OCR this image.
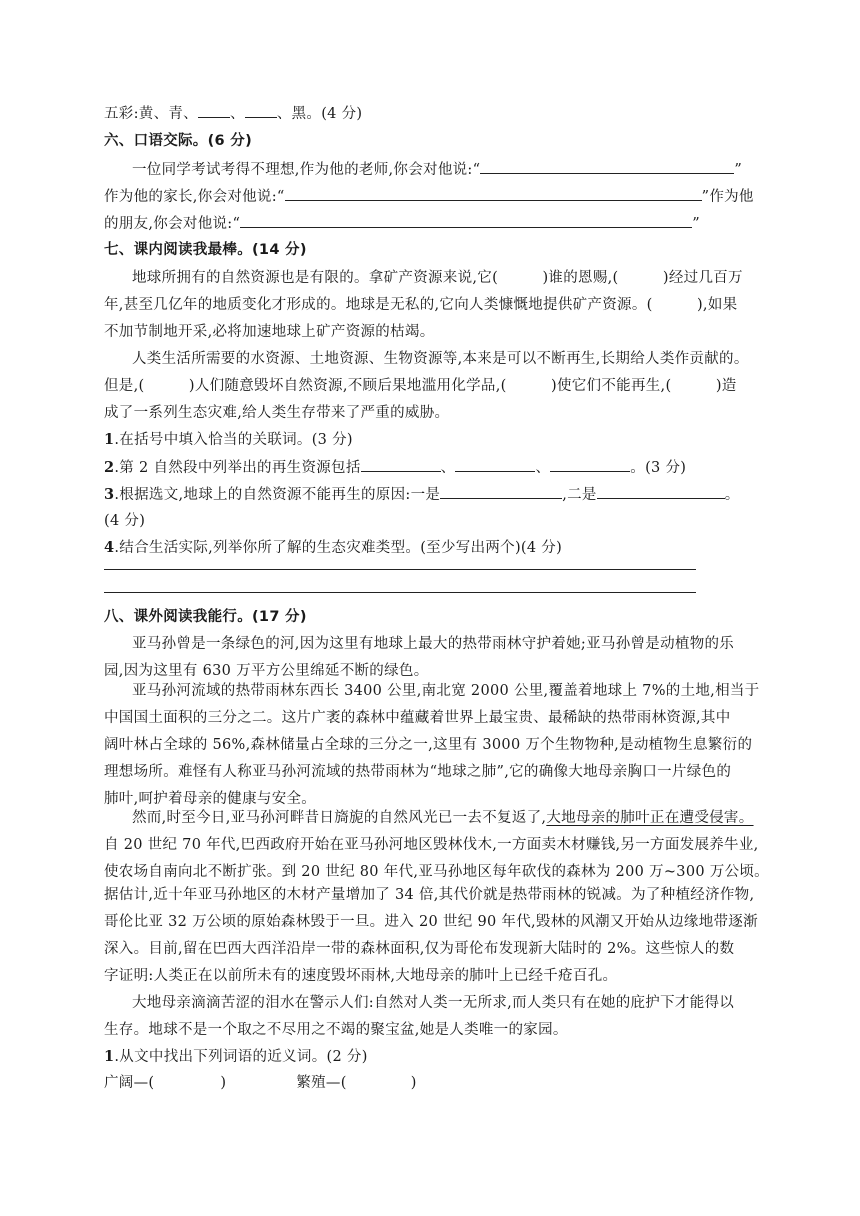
五彩:黄、青、 、 、黑。(4 分)
六、口语交际。(6 分)
一位同学考试考得不理想,作为他的老师,你会对他说:“	”
作为他的家长,你会对他说:“	”作为他
的朋友,你会对他说:“	”
七、课内阅读我最棒。(14 分)
地球所拥有的自然资源也是有限的。拿矿产资源来说,它(　　　)谁的恩赐,(　　　)经过几百万
年,甚至几亿年的地质变化才形成的。地球是无私的,它向人类慷慨地提供矿产资源。(　　　),如果
不加节制地开采,必将加速地球上矿产资源的枯竭。
人类生活所需要的水资源、土地资源、生物资源等,本来是可以不断再生,长期给人类作贡献的。
但是,(　　　)人们随意毁坏自然资源,不顾后果地滥用化学品,(　　　)使它们不能再生,(　　　)造
成了一系列生态灾难,给人类生存带来了严重的威胁。
1.在括号中填入恰当的关联词。(3 分)
2.第 2 自然段中列举出的再生资源包括	、	、	。(3 分)
3.根据选文,地球上的自然资源不能再生的原因:一是	,二是	。
(4 分)
4.结合生活实际,列举你所了解的生态灾难类型。(至少写出两个)(4 分)
八、课外阅读我能行。(17 分)
亚马孙曾是一条绿色的河,因为这里有地球上最大的热带雨林守护着她;亚马孙曾是动植物的乐
园,因为这里有 630 万平方公里绵延不断的绿色。
亚马孙河流域的热带雨林东西长 3400 公里,南北宽 2000 公里,覆盖着地球上 7%的土地,相当于
中国国土面积的三分之二。这片广袤的森林中蕴藏着世界上最宝贵、最稀缺的热带雨林资源,其中
阔叶林占全球的 56%,森林储量占全球的三分之一,这里有 3000 万个生物物种,是动植物生息繁衍的
理想场所。难怪有人称亚马孙河流域的热带雨林为“地球之肺”,它的确像大地母亲胸口一片绿色的
肺叶,呵护着母亲的健康与安全。
然而,时至今日,亚马孙河畔昔日旖旎的自然风光已一去不复返了,大地母亲的肺叶正在遭受侵害。
自 20 世纪 70 年代,巴西政府开始在亚马孙河地区毁林伐木,一方面卖木材赚钱,另一方面发展养牛业,
使农场自南向北不断扩张。到 20 世纪 80 年代,亚马孙地区每年砍伐的森林为 200 万~300 万公顷。
据估计,近十年亚马孙地区的木材产量增加了 34 倍,其代价就是热带雨林的锐减。为了种植经济作物,
哥伦比亚 32 万公顷的原始森林毁于一旦。进入 20 世纪 90 年代,毁林的风潮又开始从边缘地带逐渐
深入。目前,留在巴西大西洋沿岸一带的森林面积,仅为哥伦布发现新大陆时的 2%。这些惊人的数
字证明:人类正在以前所未有的速度毁坏雨林,大地母亲的肺叶上已经千疮百孔。
大地母亲滴滴苦涩的泪水在警示人们:自然对人类一无所求,而人类只有在她的庇护下才能得以
生存。地球不是一个取之不尽用之不竭的聚宝盆,她是人类唯一的家园。
1.从文中找出下列词语的近义词。(2 分)
广阔—(	)	繁殖—(	)
